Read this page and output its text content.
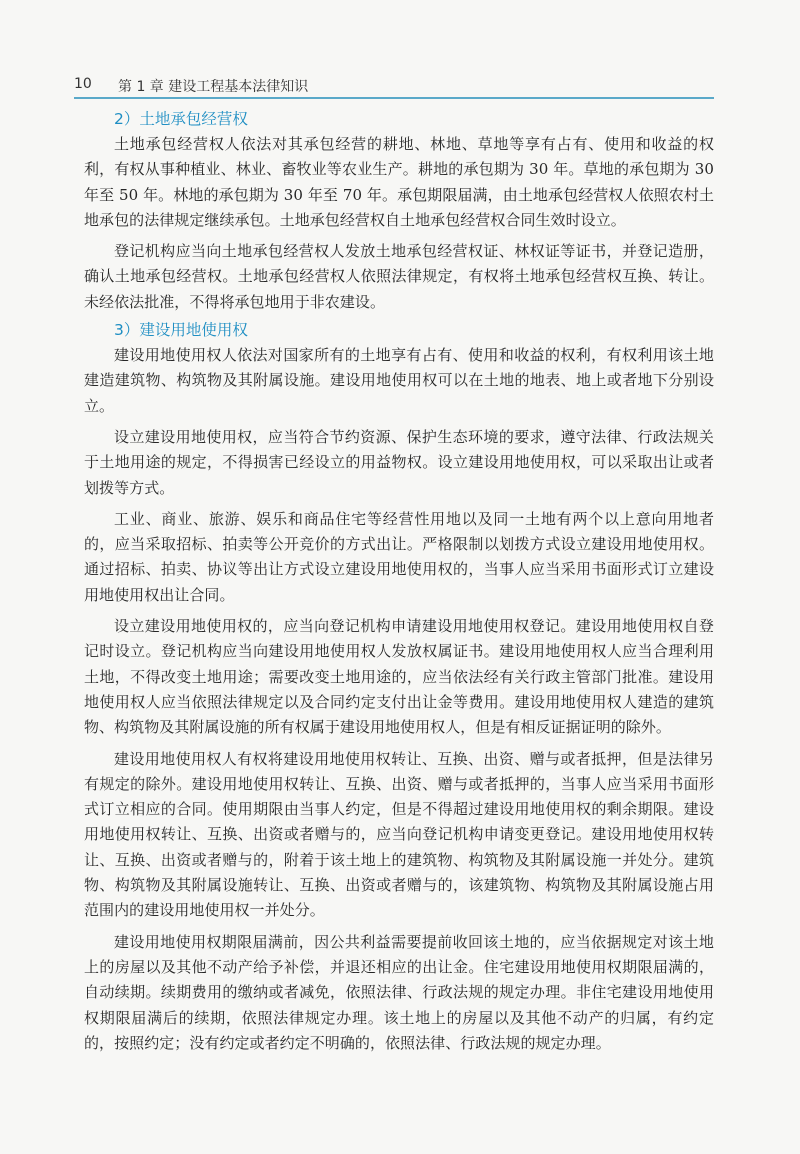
10 第 1 章 建设工程基本法律知识
2）土地承包经营权

土地承包经营权人依法对其承包经营的耕地、林地、草地等享有占有、使用和收益的权利，有权从事种植业、林业、畜牧业等农业生产。耕地的承包期为 30 年。草地的承包期为 30 年至 50 年。林地的承包期为 30 年至 70 年。承包期限届满，由土地承包经营权人依照农村土地承包的法律规定继续承包。土地承包经营权自土地承包经营权合同生效时设立。

登记机构应当向土地承包经营权人发放土地承包经营权证、林权证等证书，并登记造册，确认土地承包经营权。土地承包经营权人依照法律规定，有权将土地承包经营权互换、转让。未经依法批准，不得将承包地用于非农建设。

3）建设用地使用权

建设用地使用权人依法对国家所有的土地享有占有、使用和收益的权利，有权利用该土地建造建筑物、构筑物及其附属设施。建设用地使用权可以在土地的地表、地上或者地下分别设立。

设立建设用地使用权，应当符合节约资源、保护生态环境的要求，遵守法律、行政法规关于土地用途的规定，不得损害已经设立的用益物权。设立建设用地使用权，可以采取出让或者划拨等方式。

工业、商业、旅游、娱乐和商品住宅等经营性用地以及同一土地有两个以上意向用地者的，应当采取招标、拍卖等公开竞价的方式出让。严格限制以划拨方式设立建设用地使用权。通过招标、拍卖、协议等出让方式设立建设用地使用权的，当事人应当采用书面形式订立建设用地使用权出让合同。

设立建设用地使用权的，应当向登记机构申请建设用地使用权登记。建设用地使用权自登记时设立。登记机构应当向建设用地使用权人发放权属证书。建设用地使用权人应当合理利用土地，不得改变土地用途；需要改变土地用途的，应当依法经有关行政主管部门批准。建设用地使用权人应当依照法律规定以及合同约定支付出让金等费用。建设用地使用权人建造的建筑物、构筑物及其附属设施的所有权属于建设用地使用权人，但是有相反证据证明的除外。

建设用地使用权人有权将建设用地使用权转让、互换、出资、赠与或者抵押，但是法律另有规定的除外。建设用地使用权转让、互换、出资、赠与或者抵押的，当事人应当采用书面形式订立相应的合同。使用期限由当事人约定，但是不得超过建设用地使用权的剩余期限。建设用地使用权转让、互换、出资或者赠与的，应当向登记机构申请变更登记。建设用地使用权转让、互换、出资或者赠与的，附着于该土地上的建筑物、构筑物及其附属设施一并处分。建筑物、构筑物及其附属设施转让、互换、出资或者赠与的，该建筑物、构筑物及其附属设施占用范围内的建设用地使用权一并处分。

建设用地使用权期限届满前，因公共利益需要提前收回该土地的，应当依据规定对该土地上的房屋以及其他不动产给予补偿，并退还相应的出让金。住宅建设用地使用权期限届满的，自动续期。续期费用的缴纳或者减免，依照法律、行政法规的规定办理。非住宅建设用地使用权期限届满后的续期，依照法律规定办理。该土地上的房屋以及其他不动产的归属，有约定的，按照约定；没有约定或者约定不明确的，依照法律、行政法规的规定办理。
